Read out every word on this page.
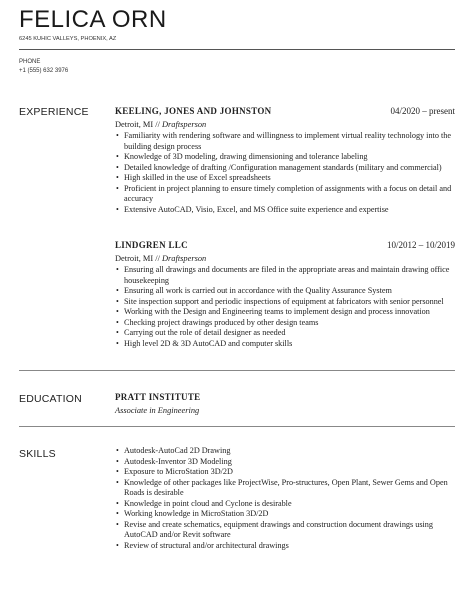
FELICA ORN
6245 KUHIC VALLEYS, PHOENIX, AZ
PHONE
+1 (555) 632 3976
EXPERIENCE	KEELING, JONES AND JOHNSTON	04/2020 – present
Detroit, MI // Draftsperson
• Familiarity with rendering software and willingness to implement virtual reality technology into the building design process
• Knowledge of 3D modeling, drawing dimensioning and tolerance labeling
• Detailed knowledge of drafting /Configuration management standards (military and commercial)
• High skilled in the use of Excel spreadsheets
• Proficient in project planning to ensure timely completion of assignments with a focus on detail and accuracy
• Extensive AutoCAD, Visio, Excel, and MS Office suite experience and expertise
LINDGREN LLC	10/2012 – 10/2019
Detroit, MI // Draftsperson
• Ensuring all drawings and documents are filed in the appropriate areas and maintain drawing office housekeeping
• Ensuring all work is carried out in accordance with the Quality Assurance System
• Site inspection support and periodic inspections of equipment at fabricators with senior personnel
• Working with the Design and Engineering teams to implement design and process innovation
• Checking project drawings produced by other design teams
• Carrying out the role of detail designer as needed
• High level 2D & 3D AutoCAD and computer skills
EDUCATION	PRATT INSTITUTE
Associate in Engineering
SKILLS
•	Autodesk-AutoCad 2D Drawing
• Autodesk-Inventor 3D Modeling
• Exposure to MicroStation 3D/2D
• Knowledge of other packages like ProjectWise, Pro-structures, Open Plant, Sewer Gems and Open Roads is desirable
• Knowledge in point cloud and Cyclone is desirable
• Working knowledge in MicroStation 3D/2D
• Revise and create schematics, equipment drawings and construction document drawings using AutoCAD and/or Revit software
• Review of structural and/or architectural drawings
